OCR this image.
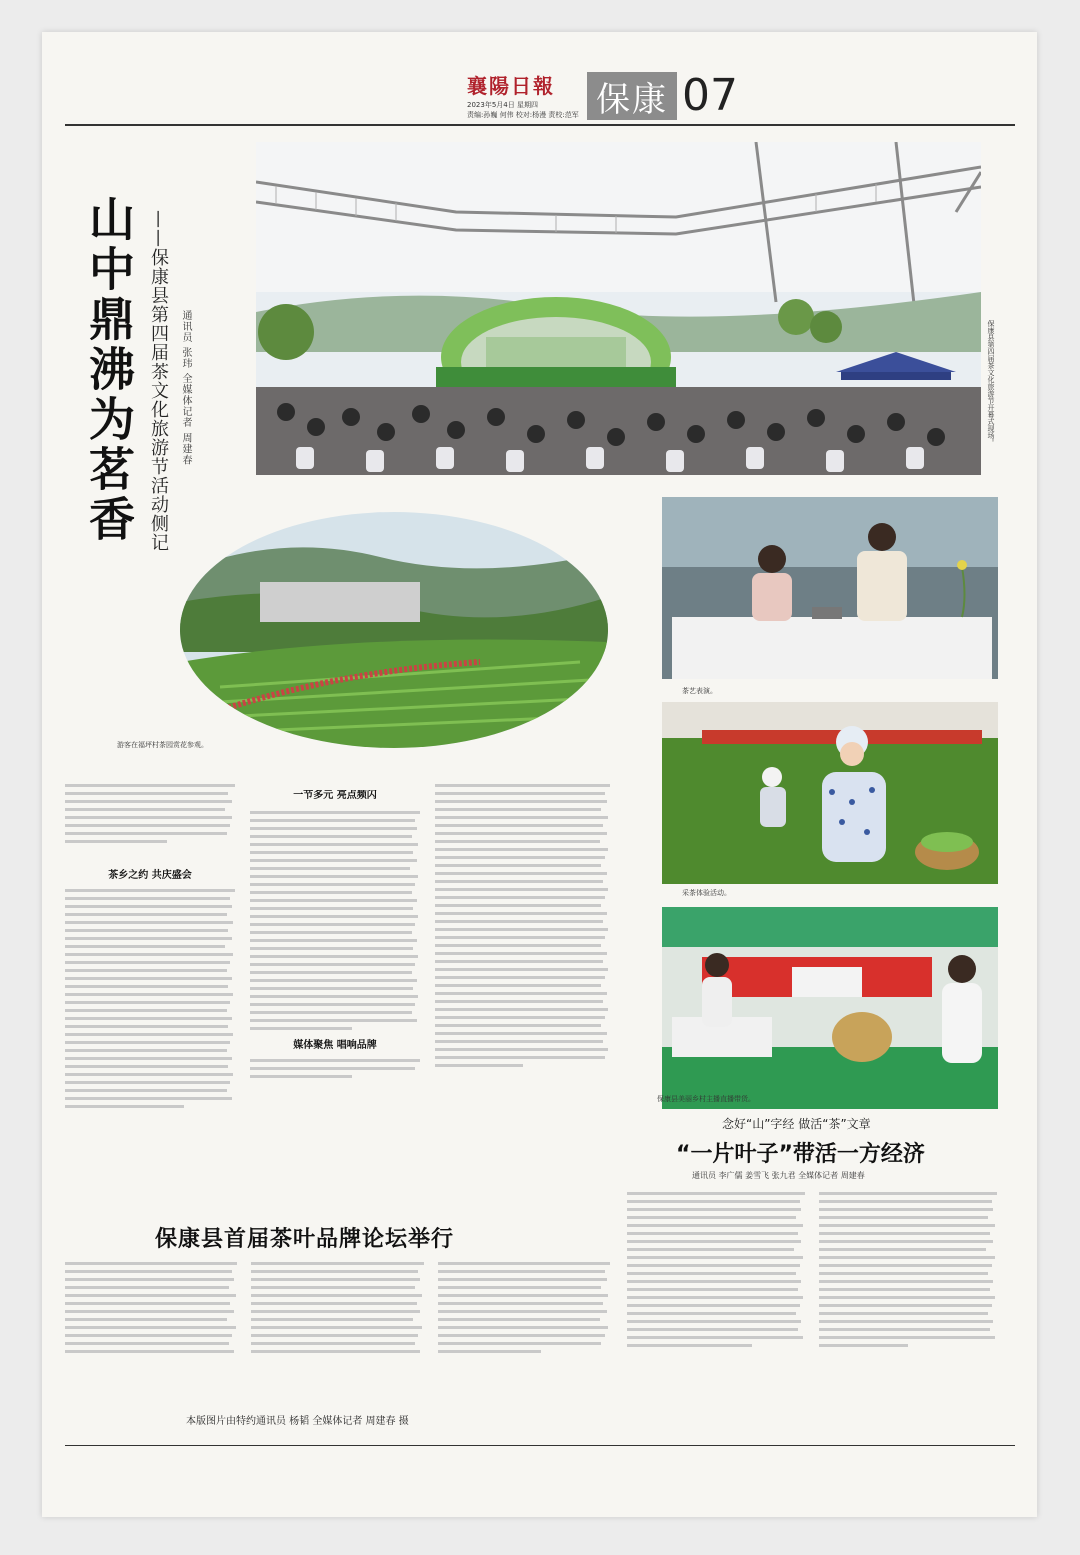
襄陽日報
2023年5月4日 星期四
责编:孙巍 何伟 校对:杨漫 责校:范军 保康 07
山中鼎沸为茗香 ——保康县第四届茶文化旅游节活动侧记 通讯员 张玮 全媒体记者 周建春	保康县第四届茶文化旅游节开幕式现场。
游客在福坪村茶园赏花参观。
茶艺表演。
采茶体验活动。
保康县美丽乡村主播直播带货。
茶乡之约 共庆盛会
一节多元 亮点频闪
媒体聚焦 唱响品牌
保康县首届茶叶品牌论坛举行
念好“山”字经 做活“茶”文章
“一片叶子”带活一方经济
通讯员 李广儒 姜雪飞 张九君 全媒体记者 周建春
本版图片由特约通讯员 杨韬 全媒体记者 周建春 摄
